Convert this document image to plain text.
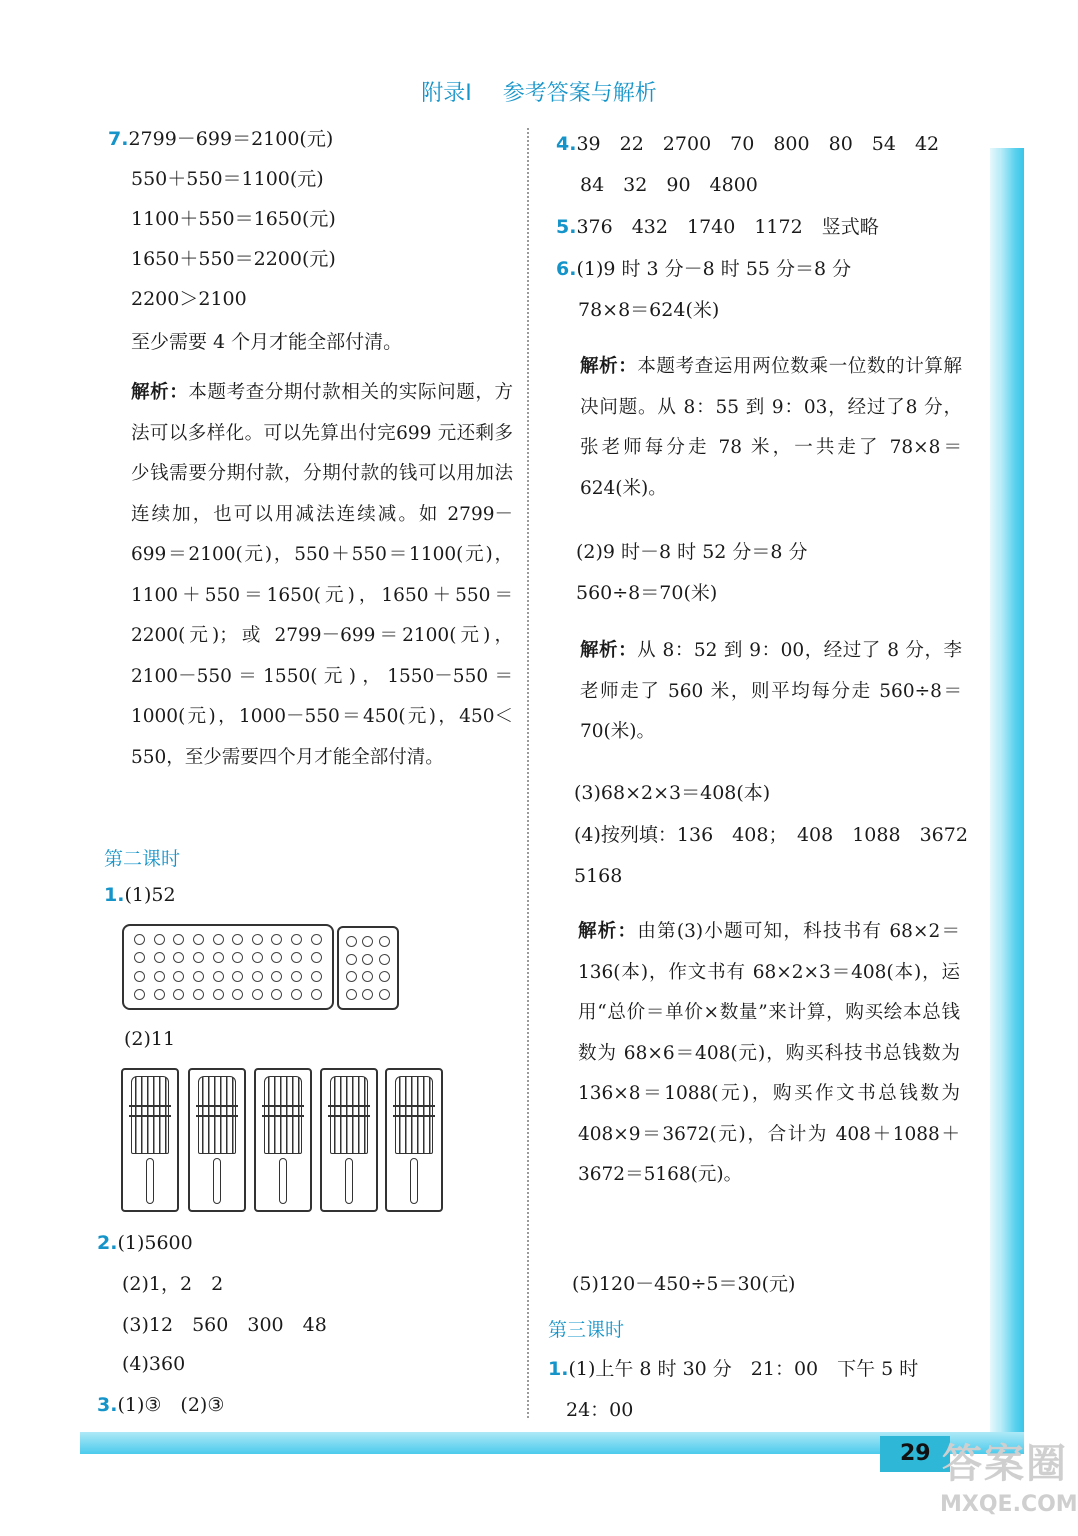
附录Ⅰ 参考答案与解析
7.2799－699＝2100(元)
550＋550＝1100(元)
1100＋550＝1650(元)
1650＋550＝2200(元)
2200＞2100
至少需要 4 个月才能全部付清。
解析：本题考查分期付款相关的实际问题，方法可以多样化。可以先算出付完699 元还剩多少钱需要分期付款，分期付款的钱可以用加法连续加，也可以用减法连续减。如 2799－699＝2100(元)，550＋550＝1100(元)，1100＋550＝1650(元)，1650＋550＝2200(元)；或 2799－699＝2100(元)，2100－550＝1550(元)，1550－550＝1000(元)，1000－550＝450(元)，450＜550，至少需要四个月才能全部付清。
第二课时
1.(1)52
(2)11
2.(1)5600
(2)1，2　2
(3)12　560　300　48
(4)360
3.(1)③　(2)③
4.39　22　2700　70　800　80　54　42
84　32　90　4800
5.376　432　1740　1172　竖式略
6.(1)9 时 3 分－8 时 55 分＝8 分
78×8＝624(米)
解析：本题考查运用两位数乘一位数的计算解决问题。从 8：55 到 9：03，经过了8 分，张老师每分走 78 米，一共走了 78×8＝624(米)。
(2)9 时－8 时 52 分＝8 分
560÷8＝70(米)
解析：从 8：52 到 9：00，经过了 8 分，李老师走了 560 米，则平均每分走 560÷8＝70(米)。
(3)68×2×3＝408(本)
(4)按列填：136　408；　408　1088　3672
5168
解析：由第(3)小题可知，科技书有 68×2＝136(本)，作文书有 68×2×3＝408(本)，运用“总价＝单价×数量”来计算，购买绘本总钱数为 68×6＝408(元)，购买科技书总钱数为 136×8＝1088(元)，购买作文书总钱数为 408×9＝3672(元)，合计为 408＋1088＋3672＝5168(元)。
(5)120－450÷5＝30(元)
第三课时
1.(1)上午 8 时 30 分　21：00　下午 5 时
24：00
29 答案圈
MXQE.COM
